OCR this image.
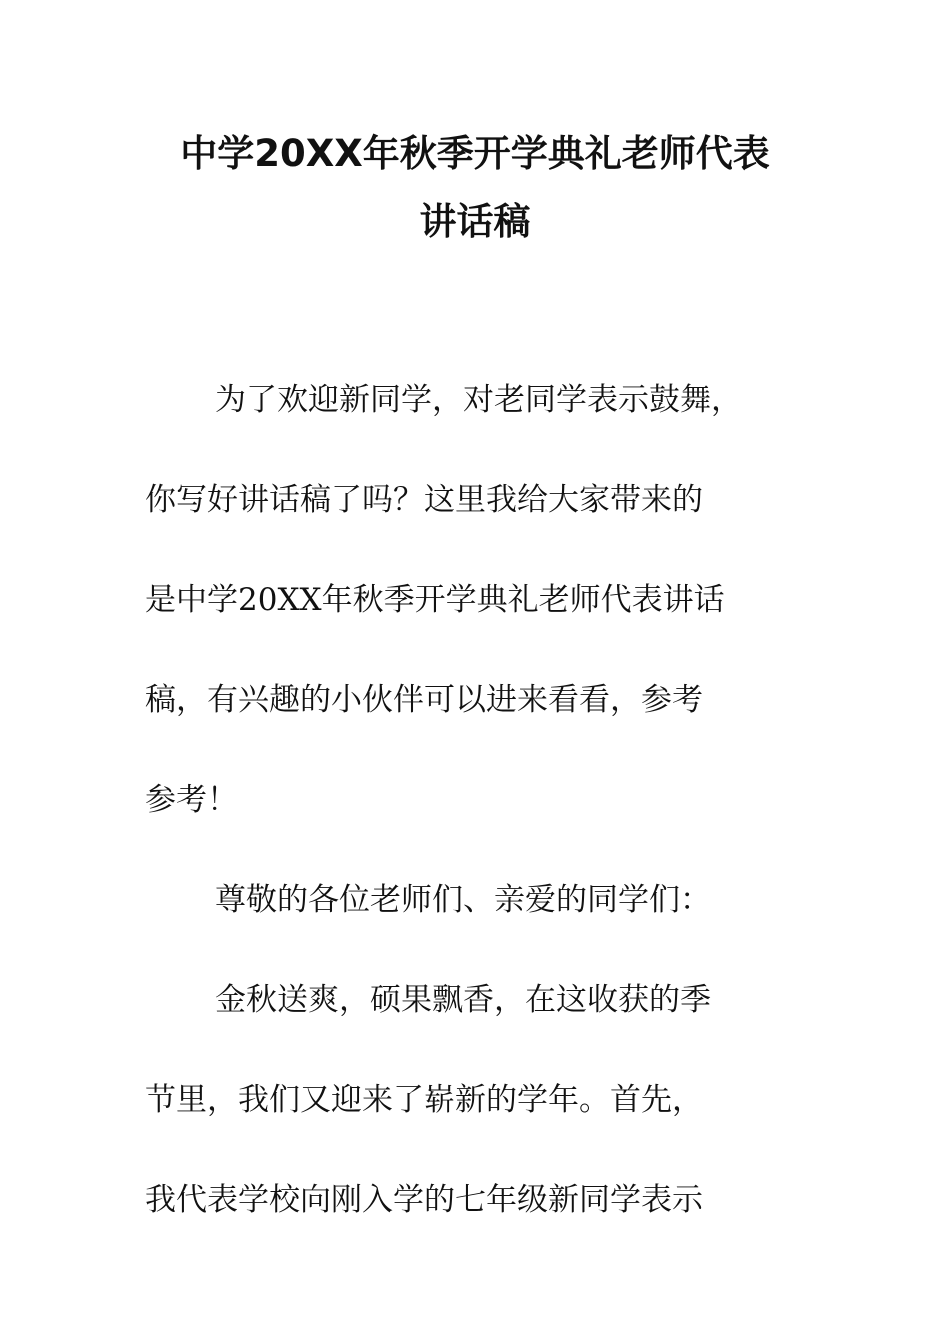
中学20XX年秋季开学典礼老师代表
讲话稿

为了欢迎新同学，对老同学表示鼓舞，

你写好讲话稿了吗？这里我给大家带来的

是中学20XX年秋季开学典礼老师代表讲话

稿，有兴趣的小伙伴可以进来看看，参考

参考！

尊敬的各位老师们、亲爱的同学们：

金秋送爽，硕果飘香，在这收获的季

节里，我们又迎来了崭新的学年。首先，

我代表学校向刚入学的七年级新同学表示
